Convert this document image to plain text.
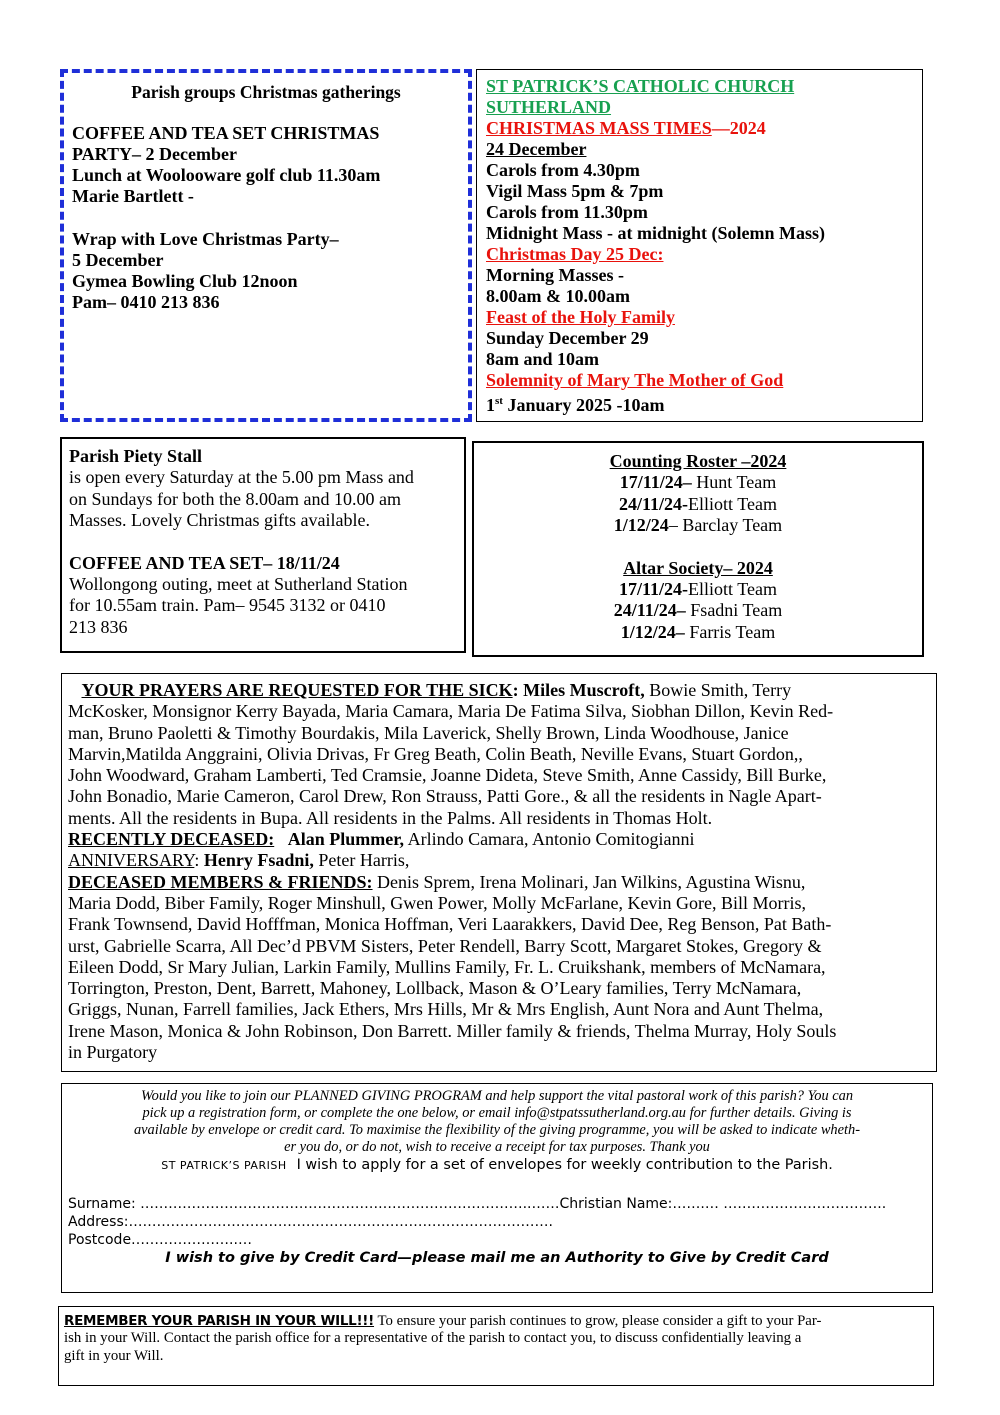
Parish groups Christmas gatherings
COFFEE AND TEA SET CHRISTMAS
PARTY– 2 December
Lunch at Woolooware golf club 11.30am
Marie Bartlett -
Wrap with Love Christmas Party–
5 December
Gymea Bowling Club 12noon
Pam– 0410 213 836
ST PATRICK’S CATHOLIC CHURCH
SUTHERLAND
CHRISTMAS MASS TIMES—2024
24 December
Carols from 4.30pm
Vigil Mass 5pm & 7pm
Carols from 11.30pm
Midnight Mass - at midnight (Solemn Mass)
Christmas Day 25 Dec:
Morning Masses -
8.00am & 10.00am
Feast of the Holy Family
Sunday December 29
8am and 10am
Solemnity of Mary The Mother of God
1st January 2025 -10am
Parish Piety Stall
is open every Saturday at the 5.00 pm Mass and
on Sundays for both the 8.00am and 10.00 am
Masses. Lovely Christmas gifts available.
COFFEE AND TEA SET– 18/11/24
Wollongong outing, meet at Sutherland Station
for 10.55am train. Pam– 9545 3132 or 0410
213 836
Counting Roster –2024
17/11/24– Hunt Team
24/11/24-Elliott Team
1/12/24– Barclay Team
Altar Society– 2024
17/11/24-Elliott Team
24/11/24– Fsadni Team
1/12/24– Farris Team
YOUR PRAYERS ARE REQUESTED FOR THE SICK: Miles Muscroft, Bowie Smith, Terry
McKosker, Monsignor Kerry Bayada, Maria Camara, Maria De Fatima Silva, Siobhan Dillon, Kevin Red-
man, Bruno Paoletti & Timothy Bourdakis, Mila Laverick, Shelly Brown, Linda Woodhouse, Janice
Marvin,Matilda Anggraini, Olivia Drivas, Fr Greg Beath, Colin Beath, Neville Evans, Stuart Gordon,,
John Woodward, Graham Lamberti, Ted Cramsie, Joanne Dideta, Steve Smith, Anne Cassidy, Bill Burke,
John Bonadio, Marie Cameron, Carol Drew, Ron Strauss, Patti Gore., & all the residents in Nagle Apart-
ments. All the residents in Bupa. All residents in the Palms. All residents in Thomas Holt.
RECENTLY DECEASED: Alan Plummer, Arlindo Camara, Antonio Comitogianni
ANNIVERSARY: Henry Fsadni, Peter Harris,
DECEASED MEMBERS & FRIENDS: Denis Sprem, Irena Molinari, Jan Wilkins, Agustina Wisnu,
Maria Dodd, Biber Family, Roger Minshull, Gwen Power, Molly McFarlane, Kevin Gore, Bill Morris,
Frank Townsend, David Hofffman, Monica Hoffman, Veri Laarakkers, David Dee, Reg Benson, Pat Bath-
urst, Gabrielle Scarra, All Dec’d PBVM Sisters, Peter Rendell, Barry Scott, Margaret Stokes, Gregory &
Eileen Dodd, Sr Mary Julian, Larkin Family, Mullins Family, Fr. L. Cruikshank, members of McNamara,
Torrington, Preston, Dent, Barrett, Mahoney, Lollback, Mason & O’Leary families, Terry McNamara,
Griggs, Nunan, Farrell families, Jack Ethers, Mrs Hills, Mr & Mrs English, Aunt Nora and Aunt Thelma,
Irene Mason, Monica & John Robinson, Don Barrett. Miller family & friends, Thelma Murray, Holy Souls
in Purgatory
Would you like to join our PLANNED GIVING PROGRAM and help support the vital pastoral work of this parish? You can
pick up a registration form, or complete the one below, or email info@stpatssutherland.org.au for further details. Giving is
available by envelope or credit card. To maximise the flexibility of the giving programme, you will be asked to indicate wheth-
er you do, or do not, wish to receive a receipt for tax purposes. Thank you
ST PATRICK’S PARISH I wish to apply for a set of envelopes for weekly contribution to the Parish.
Surname: …………………………………………….…………………………..……Christian Name:…….… ……………………………..
Address:……………………………………………………………………………….
Postcode…………………..…
I wish to give by Credit Card—please mail me an Authority to Give by Credit Card
REMEMBER YOUR PARISH IN YOUR WILL!!! To ensure your parish continues to grow, please consider a gift to your Par-
ish in your Will. Contact the parish office for a representative of the parish to contact you, to discuss confidentially leaving a
gift in your Will.
